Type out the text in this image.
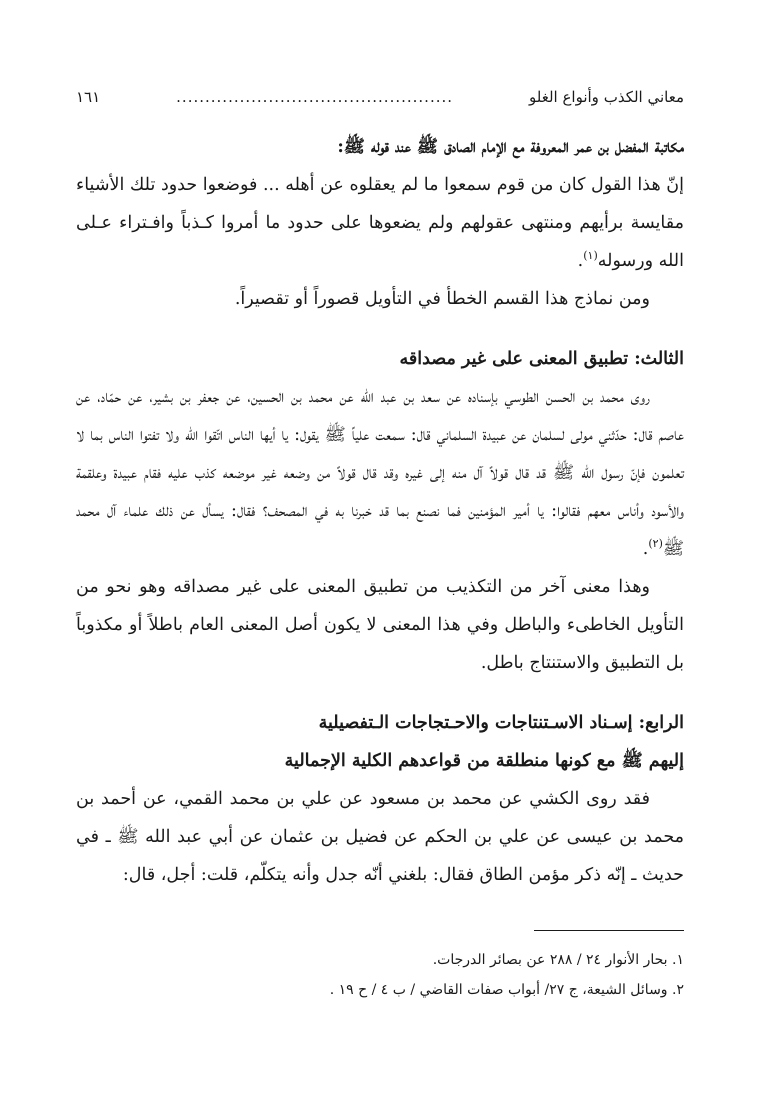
معاني الكذب وأنواع الغلو
................................................
١٦١

مكاتبة المفضل بن عمر المعروفة مع الإمام الصادق ﷺ عند قوله ﷺ:

إنّ هذا القول كان من قوم سمعوا ما لم يعقلوه عن أهله ... فوضعوا حدود تلك الأشياء مقايسة برأيهم ومنتهى عقولهم ولم يضعوها على حدود ما أمروا كـذباً وافـتراء عـلى الله ورسوله$^{(١)}$.

ومن نماذج هذا القسم الخطأ في التأويل قصوراً أو تقصيراً.

الثالث: تطبيق المعنى على غير مصداقه

روى محمد بن الحسن الطوسي بإسناده عن سعد بن عبد الله عن محمد بن الحسين، عن جعفر بن بشير، عن حمّاد، عن عاصم قال: حدّثني مولى لسلمان عن عبيدة السلماني قال: سمعت علياً ﷺ يقول: يا أيها الناس اتّقوا الله ولا تفتوا الناس بما لا تعلمون فإنّ رسول الله ﷺ قد قال قولاً آل منه إلى غيره وقد قال قولاً من وضعه غير موضعه كذب عليه فقام عبيدة وعلقمة والأسود وأناس معهم فقالوا: يا أمير المؤمنين فما نصنع بما قد خبرنا به في المصحف؟ فقال: يسأل عن ذلك علماء آل محمد ﷺ$^{(٢)}$.

وهذا معنى آخر من التكذيب من تطبيق المعنى على غير مصداقه وهو نحو من التأويل الخاطىء والباطل وفي هذا المعنى لا يكون أصل المعنى العام باطلاً أو مكذوباً بل التطبيق والاستنتاج باطل.

الرابع: إسـناد الاسـتنتاجات والاحـتجاجات الـتفصيلية

إليهم ﷺ مع كونها منطلقة من قواعدهم الكلية الإجمالية

فقد روى الكشي عن محمد بن مسعود عن علي بن محمد القمي، عن أحمد بن محمد بن عيسى عن علي بن الحكم عن فضيل بن عثمان عن أبي عبد الله ﷺ ـ في حديث ـ إنّه ذكر مؤمن الطاق فقال: بلغني أنّه جدل وأنه يتكلّم، قلت: أجل، قال:

١. بحار الأنوار ٢٤ / ٢٨٨ عن بصائر الدرجات.
٢. وسائل الشيعة، ج ٢٧/ أبواب صفات القاضي / ب ٤ / ح ١٩ .
